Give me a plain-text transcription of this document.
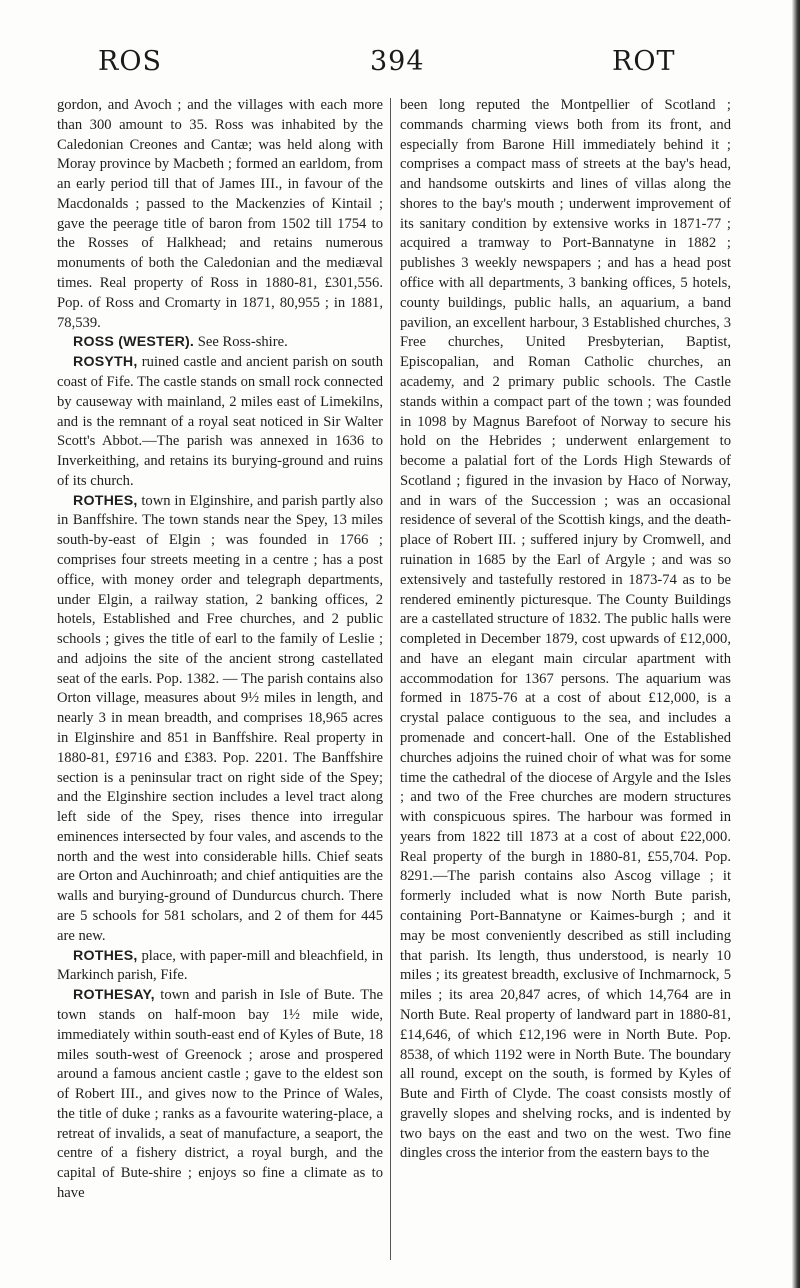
ROS	394	ROT

gordon, and Avoch ; and the villages with each more than 300 amount to 35. Ross was inhabited by the Caledonian Creones and Cantæ; was held along with Moray province by Macbeth ; formed an earldom, from an early period till that of James III., in favour of the Macdonalds ; passed to the Mackenzies of Kintail ; gave the peerage title of baron from 1502 till 1754 to the Rosses of Halkhead; and retains numerous monuments of both the Caledonian and the mediæval times. Real property of Ross in 1880-81, £301,556. Pop. of Ross and Cromarty in 1871, 80,955 ; in 1881, 78,539.

ROSS (WESTER). See Ross-shire.

ROSYTH, ruined castle and ancient parish on south coast of Fife. The castle stands on small rock connected by causeway with mainland, 2 miles east of Limekilns, and is the remnant of a royal seat noticed in Sir Walter Scott's Abbot.—The parish was annexed in 1636 to Inverkeithing, and retains its burying-ground and ruins of its church.

ROTHES, town in Elginshire, and parish partly also in Banffshire. The town stands near the Spey, 13 miles south-by-east of Elgin ; was founded in 1766 ; comprises four streets meeting in a centre ; has a post office, with money order and telegraph departments, under Elgin, a railway station, 2 banking offices, 2 hotels, Established and Free churches, and 2 public schools ; gives the title of earl to the family of Leslie ; and adjoins the site of the ancient strong castellated seat of the earls. Pop. 1382. — The parish contains also Orton village, measures about 9½ miles in length, and nearly 3 in mean breadth, and comprises 18,965 acres in Elginshire and 851 in Banffshire. Real property in 1880-81, £9716 and £383. Pop. 2201. The Banffshire section is a peninsular tract on right side of the Spey; and the Elginshire section includes a level tract along left side of the Spey, rises thence into irregular eminences intersected by four vales, and ascends to the north and the west into considerable hills. Chief seats are Orton and Auchinroath; and chief antiquities are the walls and burying-ground of Dundurcus church. There are 5 schools for 581 scholars, and 2 of them for 445 are new.

ROTHES, place, with paper-mill and bleachfield, in Markinch parish, Fife.

ROTHESAY, town and parish in Isle of Bute. The town stands on half-moon bay 1½ mile wide, immediately within south-east end of Kyles of Bute, 18 miles south-west of Greenock ; arose and prospered around a famous ancient castle ; gave to the eldest son of Robert III., and gives now to the Prince of Wales, the title of duke ; ranks as a favourite watering-place, a retreat of invalids, a seat of manufacture, a seaport, the centre of a fishery district, a royal burgh, and the capital of Bute-shire ; enjoys so fine a climate as to have

been long reputed the Montpellier of Scotland ; commands charming views both from its front, and especially from Barone Hill immediately behind it ; comprises a compact mass of streets at the bay's head, and handsome outskirts and lines of villas along the shores to the bay's mouth ; underwent improvement of its sanitary condition by extensive works in 1871-77 ; acquired a tramway to Port-Bannatyne in 1882 ; publishes 3 weekly newspapers ; and has a head post office with all departments, 3 banking offices, 5 hotels, county buildings, public halls, an aquarium, a band pavilion, an excellent harbour, 3 Established churches, 3 Free churches, United Presbyterian, Baptist, Episcopalian, and Roman Catholic churches, an academy, and 2 primary public schools. The Castle stands within a compact part of the town ; was founded in 1098 by Magnus Barefoot of Norway to secure his hold on the Hebrides ; underwent enlargement to become a palatial fort of the Lords High Stewards of Scotland ; figured in the invasion by Haco of Norway, and in wars of the Succession ; was an occasional residence of several of the Scottish kings, and the death-place of Robert III. ; suffered injury by Cromwell, and ruination in 1685 by the Earl of Argyle ; and was so extensively and tastefully restored in 1873-74 as to be rendered eminently picturesque. The County Buildings are a castellated structure of 1832. The public halls were completed in December 1879, cost upwards of £12,000, and have an elegant main circular apartment with accommodation for 1367 persons. The aquarium was formed in 1875-76 at a cost of about £12,000, is a crystal palace contiguous to the sea, and includes a promenade and concert-hall. One of the Established churches adjoins the ruined choir of what was for some time the cathedral of the diocese of Argyle and the Isles ; and two of the Free churches are modern structures with conspicuous spires. The harbour was formed in years from 1822 till 1873 at a cost of about £22,000. Real property of the burgh in 1880-81, £55,704. Pop. 8291.—The parish contains also Ascog village ; it formerly included what is now North Bute parish, containing Port-Bannatyne or Kaimes-burgh ; and it may be most conveniently described as still including that parish. Its length, thus understood, is nearly 10 miles ; its greatest breadth, exclusive of Inchmarnock, 5 miles ; its area 20,847 acres, of which 14,764 are in North Bute. Real property of landward part in 1880-81, £14,646, of which £12,196 were in North Bute. Pop. 8538, of which 1192 were in North Bute. The boundary all round, except on the south, is formed by Kyles of Bute and Firth of Clyde. The coast consists mostly of gravelly slopes and shelving rocks, and is indented by two bays on the east and two on the west. Two fine dingles cross the interior from the eastern bays to the
